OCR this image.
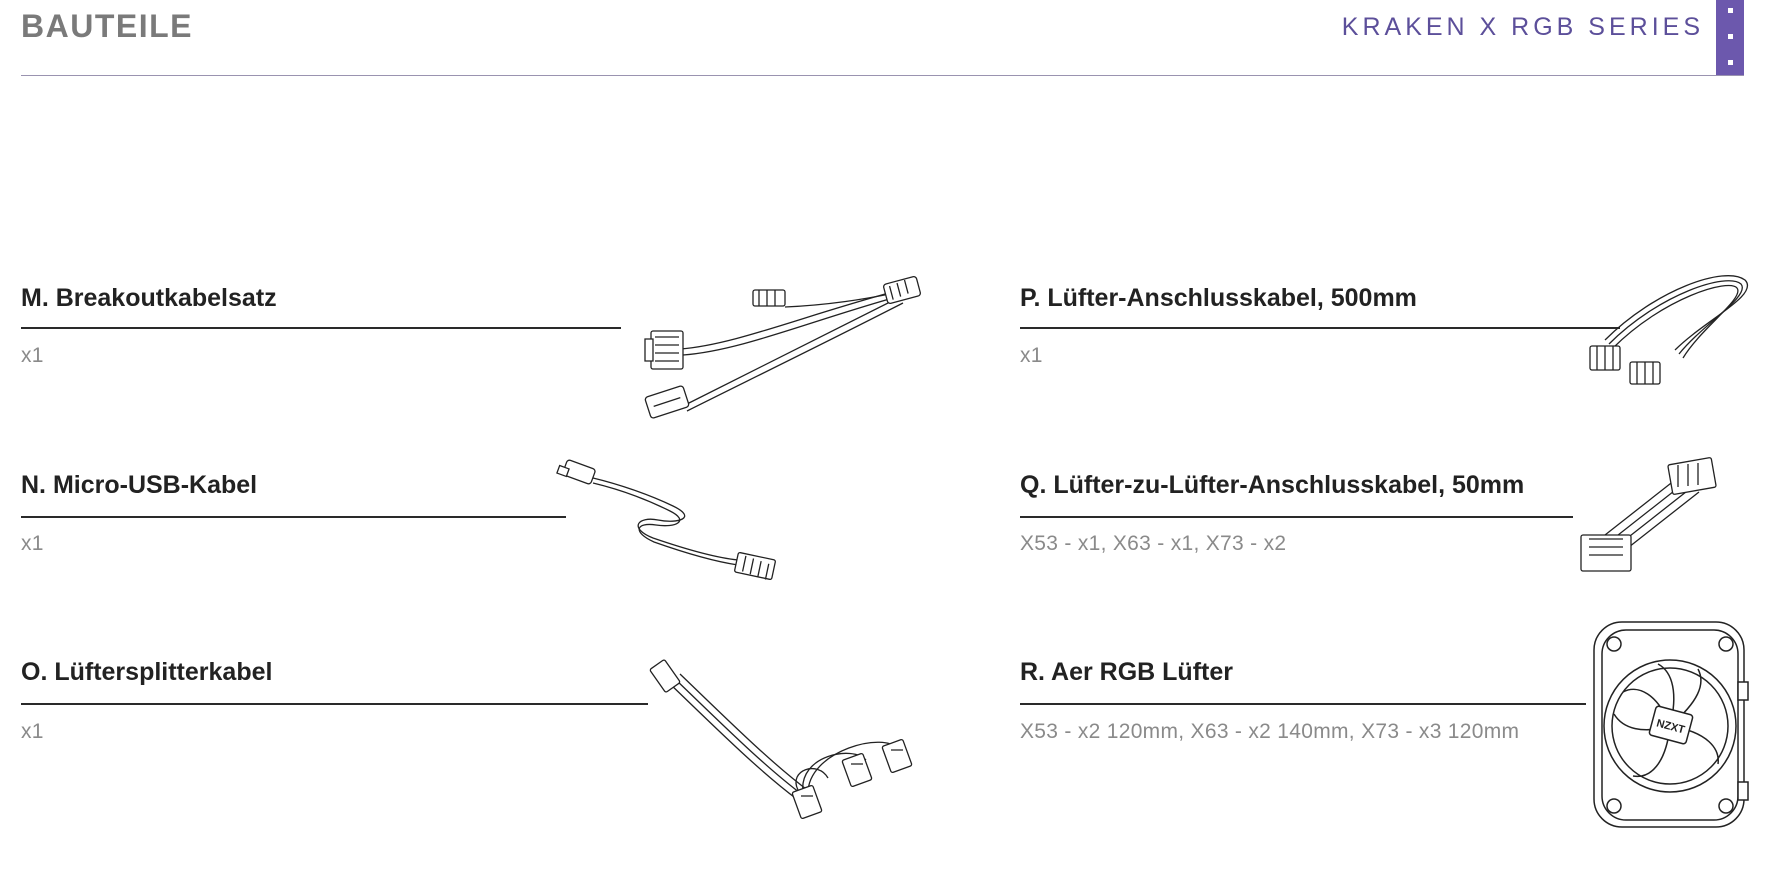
BAUTEILE	KRAKEN X RGB SERIES
M. Breakoutkabelsatz
x1
N. Micro-USB-Kabel
x1
O. Lüftersplitterkabel
x1
P. Lüfter-Anschlusskabel, 500mm
x1
Q. Lüfter-zu-Lüfter-Anschlusskabel, 50mm
X53 - x1, X63 - x1, X73 - x2
R. Aer RGB Lüfter
X53 - x2 120mm, X63 - x2 140mm, X73 - x3 120mm	NZXT
